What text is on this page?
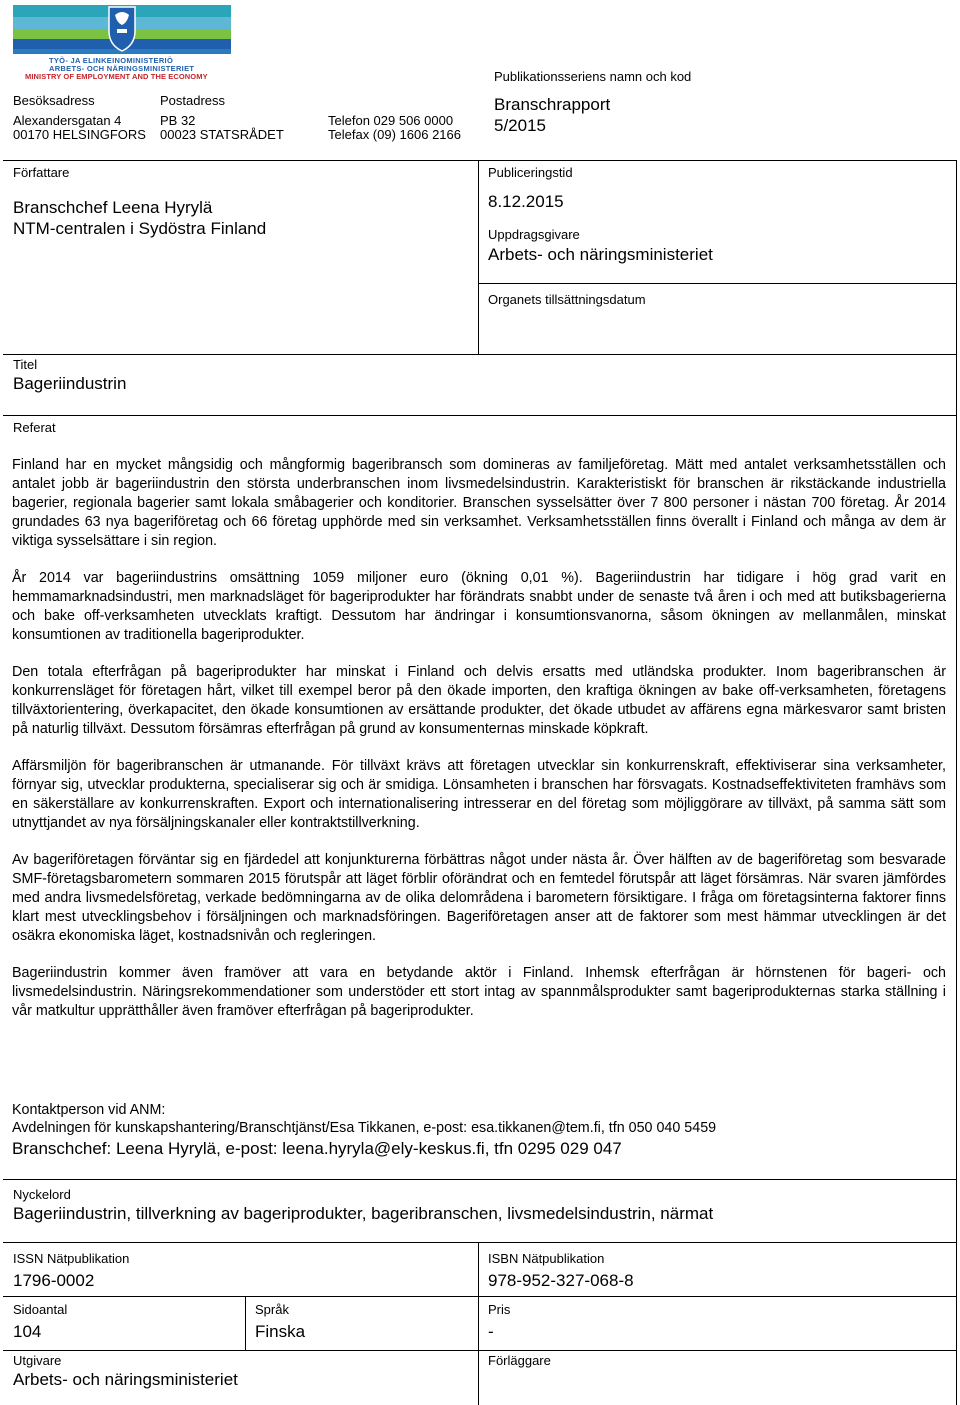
TYÖ- JA ELINKEINOMINISTERIÖ
ARBETS- OCH NÄRINGSMINISTERIET
MINISTRY OF EMPLOYMENT AND THE ECONOMY
Besöksadress
Alexandersgatan 4
00170 HELSINGFORS
Postadress
PB 32
00023 STATSRÅDET
Telefon 029 506 0000
Telefax (09) 1606 2166
Publikationsseriens namn och kod
Branschrapport
5/2015
Författare
Branschchef Leena Hyrylä
NTM-centralen i Sydöstra Finland
Publiceringstid
8.12.2015
Uppdragsgivare
Arbets- och näringsministeriet
Organets tillsättningsdatum
Titel
Bageriindustrin
Referat

Finland har en mycket mångsidig och mångformig bageribransch som domineras av familjeföretag. Mätt med antalet verksamhetsställen och antalet jobb är bageriindustrin den största underbranschen inom livsmedelsindustrin. Karakteristiskt för branschen är rikstäckande industriella bagerier, regionala bagerier samt lokala småbagerier och konditorier. Branschen sysselsätter över 7 800 personer i nästan 700 företag. År 2014 grundades 63 nya bageriföretag och 66 företag upphörde med sin verksamhet. Verksamhetsställen finns överallt i Finland och många av dem är viktiga sysselsättare i sin region.

År 2014 var bageriindustrins omsättning 1059 miljoner euro (ökning 0,01 %). Bageriindustrin har tidigare i hög grad varit en hemmamarknadsindustri, men marknadsläget för bageriprodukter har förändrats snabbt under de senaste två åren i och med att butiksbagerierna och bake off-verksamheten utvecklats kraftigt. Dessutom har ändringar i konsumtionsvanorna, såsom ökningen av mellanmålen, minskat konsumtionen av traditionella bageriprodukter.

Den totala efterfrågan på bageriprodukter har minskat i Finland och delvis ersatts med utländska produkter. Inom bageribranschen är konkurrensläget för företagen hårt, vilket till exempel beror på den ökade importen, den kraftiga ökningen av bake off-verksamheten, företagens tillväxtorientering, överkapacitet, den ökade konsumtionen av ersättande produkter, det ökade utbudet av affärens egna märkesvaror samt bristen på naturlig tillväxt. Dessutom försämras efterfrågan på grund av konsumenternas minskade köpkraft.

Affärsmiljön för bageribranschen är utmanande. För tillväxt krävs att företagen utvecklar sin konkurrenskraft, effektiviserar sina verksamheter, förnyar sig, utvecklar produkterna, specialiserar sig och är smidiga. Lönsamheten i branschen har försvagats. Kostnadseffektiviteten framhävs som en säkerställare av konkurrenskraften. Export och internationalisering intresserar en del företag som möjliggörare av tillväxt, på samma sätt som utnyttjandet av nya försäljningskanaler eller kontraktstillverkning.

Av bageriföretagen förväntar sig en fjärdedel att konjunkturerna förbättras något under nästa år. Över hälften av de bageriföretag som besvarade SMF-företagsbarometern sommaren 2015 förutspår att läget förblir oförändrat och en femtedel förutspår att läget försämras. När svaren jämfördes med andra livsmedelsföretag, verkade bedömningarna av de olika delområdena i barometern försiktigare. I fråga om företagsinterna faktorer finns klart mest utvecklingsbehov i försäljningen och marknadsföringen. Bageriföretagen anser att de faktorer som mest hämmar utvecklingen är det osäkra ekonomiska läget, kostnadsnivån och regleringen.

Bageriindustrin kommer även framöver att vara en betydande aktör i Finland. Inhemsk efterfrågan är hörnstenen för bageri- och livsmedelsindustrin. Näringsrekommendationer som understöder ett stort intag av spannmålsprodukter samt bageriprodukternas starka ställning i vår matkultur upprätthåller även framöver efterfrågan på bageriprodukter.

Kontaktperson vid ANM:
Avdelningen för kunskapshantering/Branschtjänst/Esa Tikkanen, e-post: esa.tikkanen@tem.fi, tfn 050 040 5459
Branschchef: Leena Hyrylä, e-post: leena.hyryla@ely-keskus.fi, tfn 0295 029 047
Nyckelord
Bageriindustrin, tillverkning av bageriprodukter, bageribranschen, livsmedelsindustrin, närmat
ISSN Nätpublikation
1796-0002
ISBN Nätpublikation
978-952-327-068-8
Sidoantal
104
Språk
Finska
Pris
-
Utgivare
Arbets- och näringsministeriet
Förläggare
